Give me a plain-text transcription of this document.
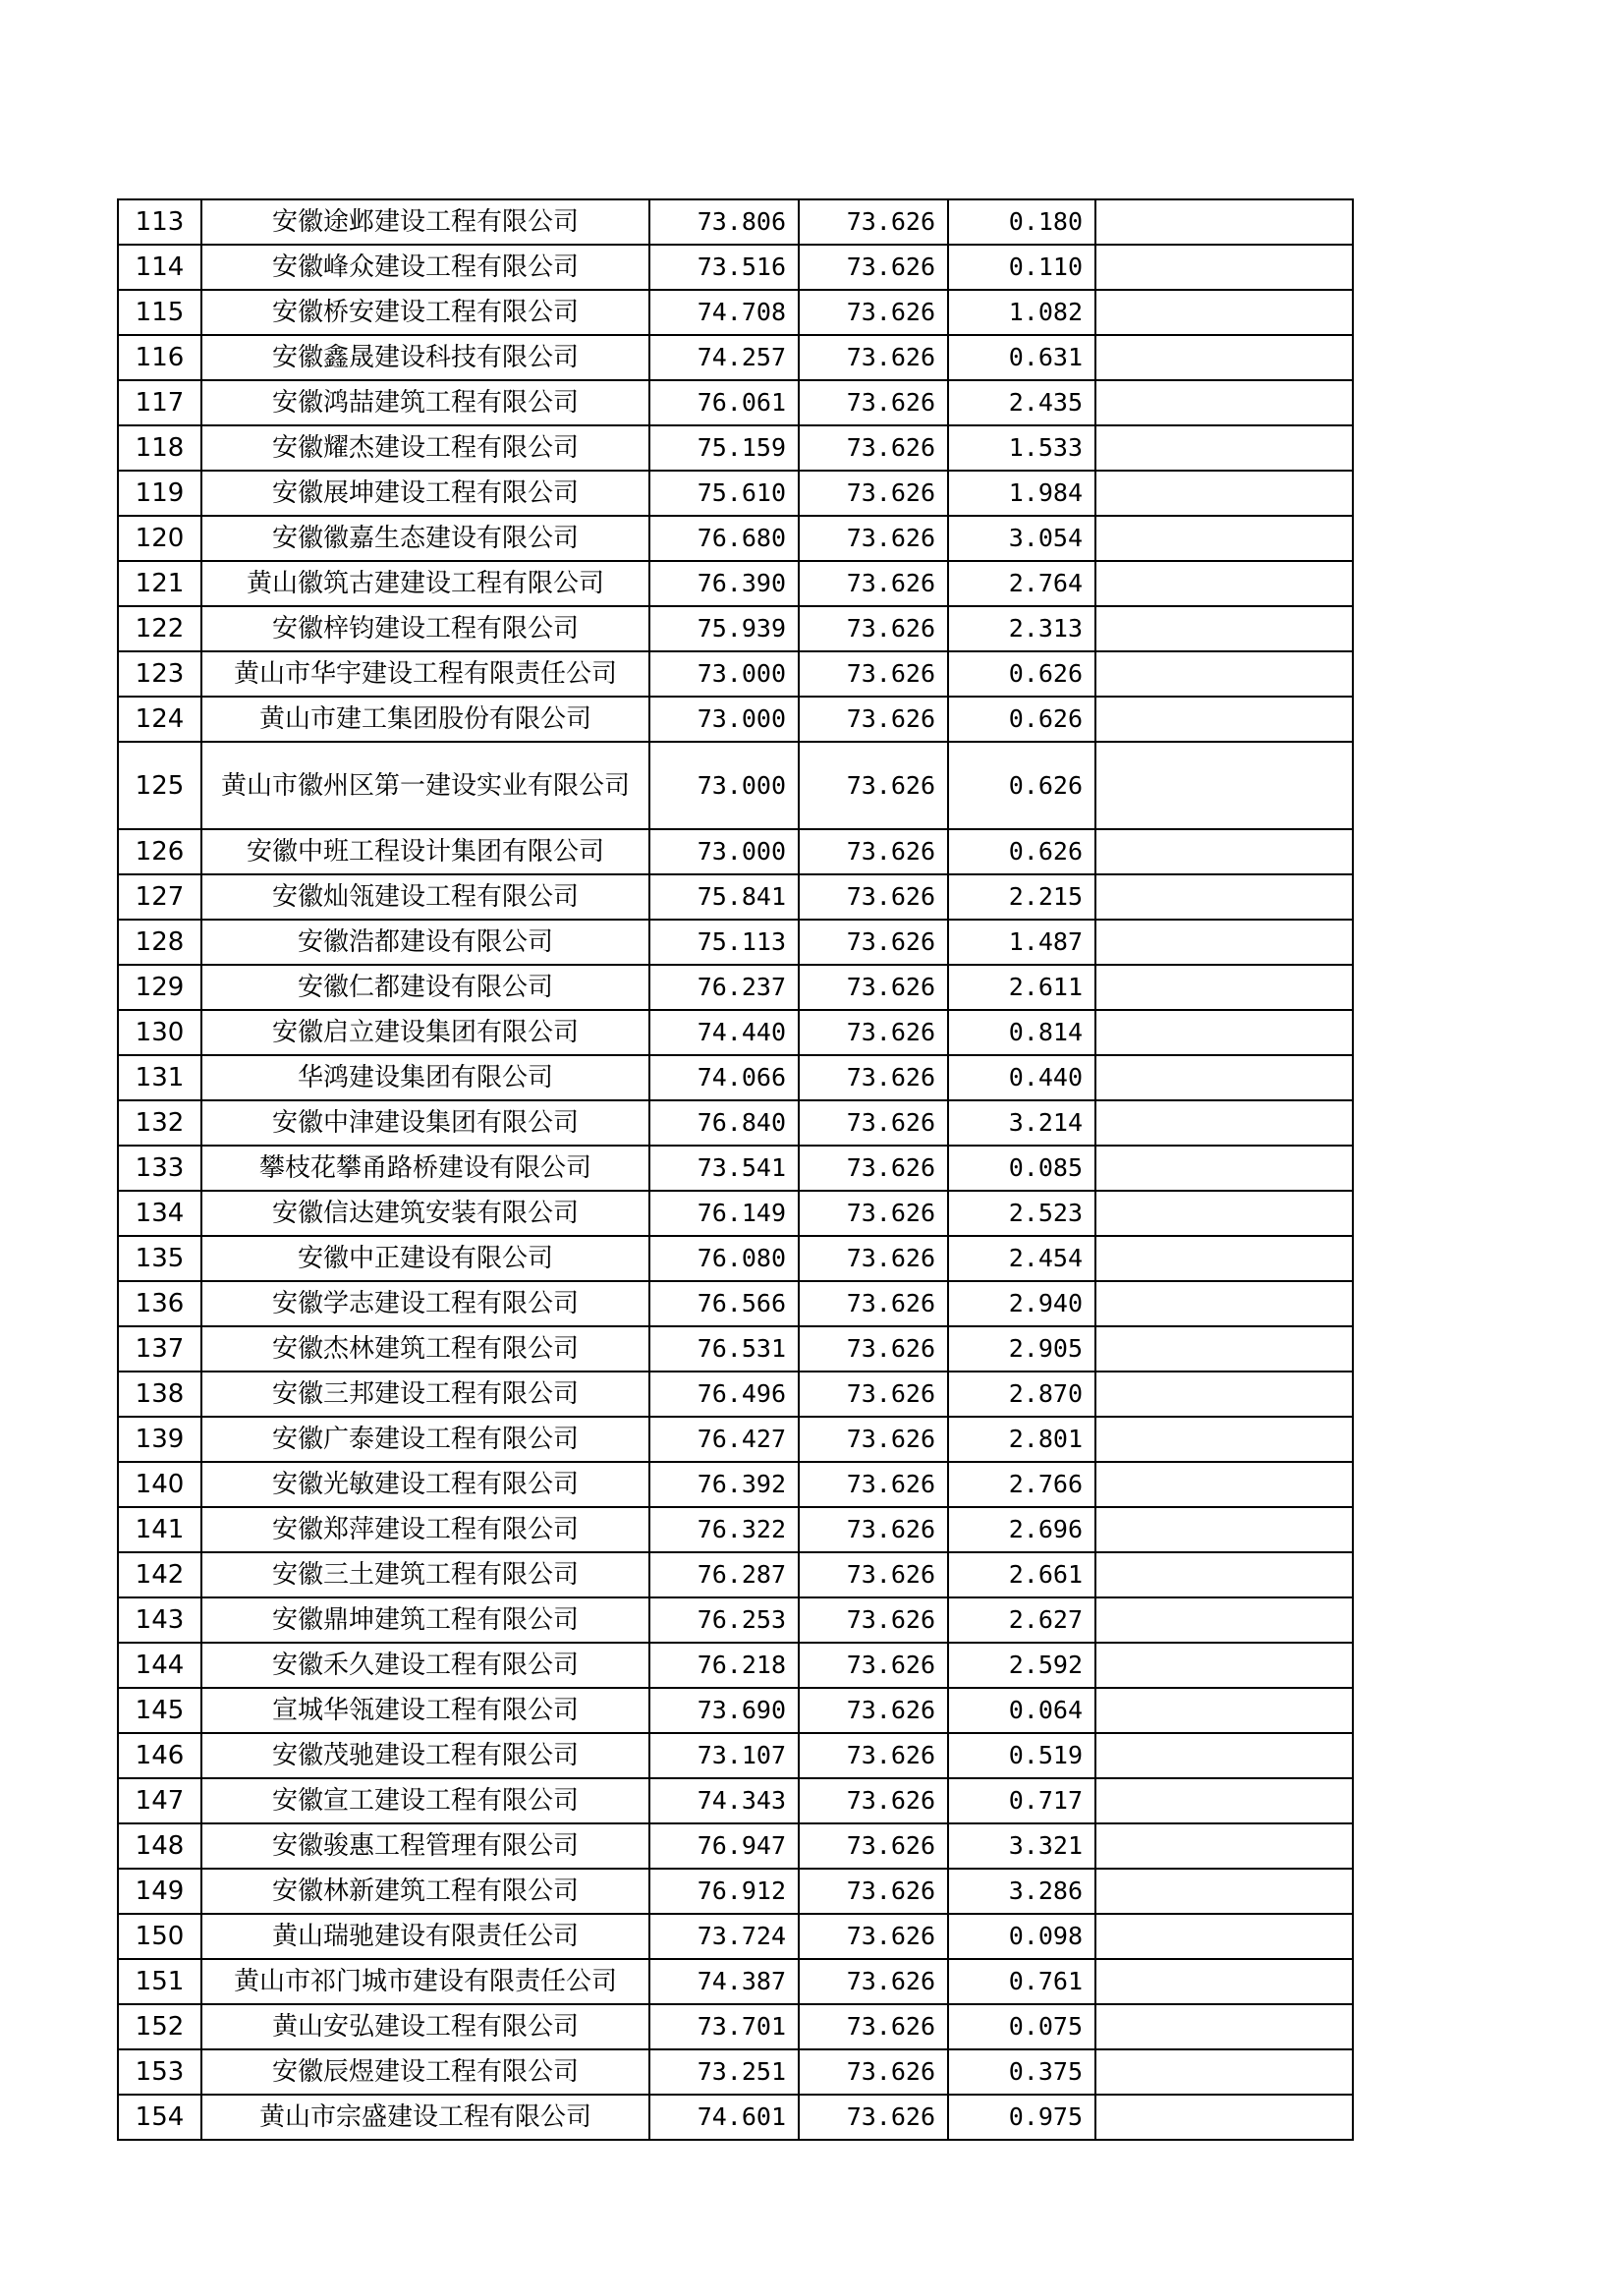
113	安徽途邺建设工程有限公司	73.806	73.626	0.180	
114	安徽峰众建设工程有限公司	73.516	73.626	0.110	
115	安徽桥安建设工程有限公司	74.708	73.626	1.082	
116	安徽鑫晟建设科技有限公司	74.257	73.626	0.631	
117	安徽鸿喆建筑工程有限公司	76.061	73.626	2.435	
118	安徽耀杰建设工程有限公司	75.159	73.626	1.533	
119	安徽展坤建设工程有限公司	75.610	73.626	1.984	
120	安徽徽嘉生态建设有限公司	76.680	73.626	3.054	
121	黄山徽筑古建建设工程有限公司	76.390	73.626	2.764	
122	安徽梓钧建设工程有限公司	75.939	73.626	2.313	
123	黄山市华宇建设工程有限责任公司	73.000	73.626	0.626	
124	黄山市建工集团股份有限公司	73.000	73.626	0.626	
125	黄山市徽州区第一建设实业有限公司	73.000	73.626	0.626	
126	安徽中班工程设计集团有限公司	73.000	73.626	0.626	
127	安徽灿瓴建设工程有限公司	75.841	73.626	2.215	
128	安徽浩都建设有限公司	75.113	73.626	1.487	
129	安徽仁都建设有限公司	76.237	73.626	2.611	
130	安徽启立建设集团有限公司	74.440	73.626	0.814	
131	华鸿建设集团有限公司	74.066	73.626	0.440	
132	安徽中津建设集团有限公司	76.840	73.626	3.214	
133	攀枝花攀甬路桥建设有限公司	73.541	73.626	0.085	
134	安徽信达建筑安装有限公司	76.149	73.626	2.523	
135	安徽中正建设有限公司	76.080	73.626	2.454	
136	安徽学志建设工程有限公司	76.566	73.626	2.940	
137	安徽杰林建筑工程有限公司	76.531	73.626	2.905	
138	安徽三邦建设工程有限公司	76.496	73.626	2.870	
139	安徽广泰建设工程有限公司	76.427	73.626	2.801	
140	安徽光敏建设工程有限公司	76.392	73.626	2.766	
141	安徽郑萍建设工程有限公司	76.322	73.626	2.696	
142	安徽三土建筑工程有限公司	76.287	73.626	2.661	
143	安徽鼎坤建筑工程有限公司	76.253	73.626	2.627	
144	安徽禾久建设工程有限公司	76.218	73.626	2.592	
145	宣城华瓴建设工程有限公司	73.690	73.626	0.064	
146	安徽茂驰建设工程有限公司	73.107	73.626	0.519	
147	安徽宣工建设工程有限公司	74.343	73.626	0.717	
148	安徽骏惠工程管理有限公司	76.947	73.626	3.321	
149	安徽林新建筑工程有限公司	76.912	73.626	3.286	
150	黄山瑞驰建设有限责任公司	73.724	73.626	0.098	
151	黄山市祁门城市建设有限责任公司	74.387	73.626	0.761	
152	黄山安弘建设工程有限公司	73.701	73.626	0.075	
153	安徽辰煜建设工程有限公司	73.251	73.626	0.375	
154	黄山市宗盛建设工程有限公司	74.601	73.626	0.975	
